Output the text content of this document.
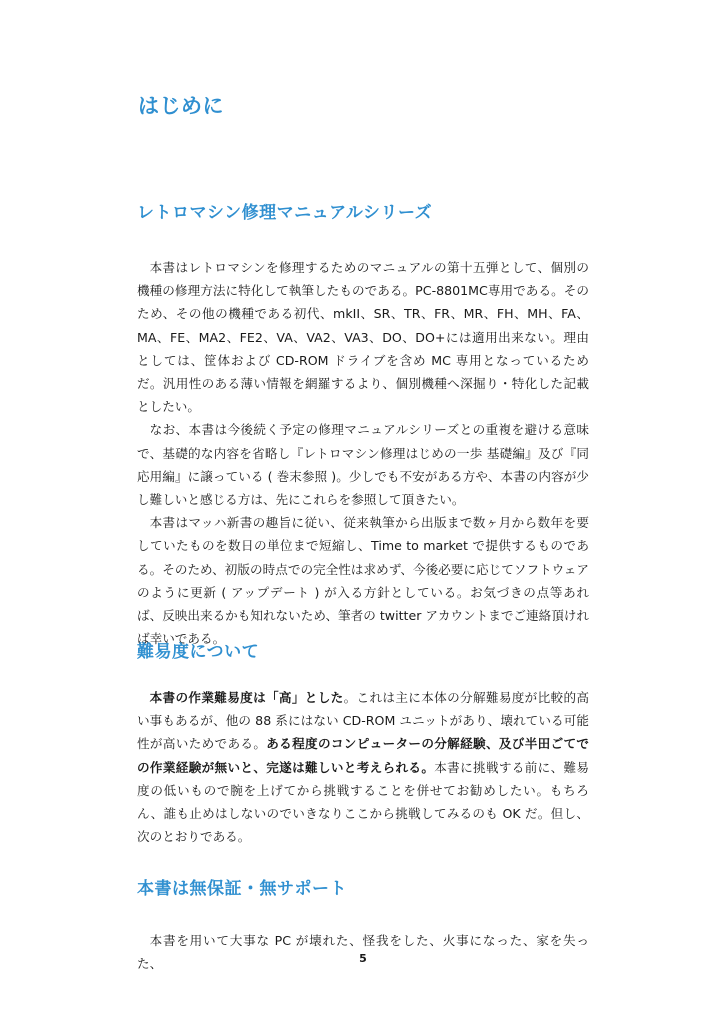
はじめに
レトロマシン修理マニュアルシリーズ

本書はレトロマシンを修理するためのマニュアルの第十五弾として、個別の機種の修理方法に特化して執筆したものである。PC-8801MC専用である。そのため、その他の機種である初代、mkII、SR、TR、FR、MR、FH、MH、FA、MA、FE、MA2、FE2、VA、VA2、VA3、DO、DO+には適用出来ない。理由としては、筐体および CD-ROM ドライブを含め MC 専用となっているためだ。汎用性のある薄い情報を網羅するより、個別機種へ深掘り・特化した記載としたい。

なお、本書は今後続く予定の修理マニュアルシリーズとの重複を避ける意味で、基礎的な内容を省略し『レトロマシン修理はじめの一歩 基礎編』及び『同 応用編』に譲っている ( 巻末参照 )。少しでも不安がある方や、本書の内容が少し難しいと感じる方は、先にこれらを参照して頂きたい。

本書はマッハ新書の趣旨に従い、従来執筆から出版まで数ヶ月から数年を要していたものを数日の単位まで短縮し、Time to market で提供するものである。そのため、初版の時点での完全性は求めず、今後必要に応じてソフトウェアのように更新 ( アップデート ) が入る方針としている。お気づきの点等あれば、反映出来るかも知れないため、筆者の twitter アカウントまでご連絡頂ければ幸いである。

難易度について

本書の作業難易度は「高」とした。これは主に本体の分解難易度が比較的高い事もあるが、他の 88 系にはない CD-ROM ユニットがあり、壊れている可能性が高いためである。ある程度のコンピューターの分解経験、及び半田ごてでの作業経験が無いと、完遂は難しいと考えられる。本書に挑戦する前に、難易度の低いもので腕を上げてから挑戦することを併せてお勧めしたい。もちろん、誰も止めはしないのでいきなりここから挑戦してみるのも OK だ。但し、次のとおりである。

本書は無保証・無サポート

本書を用いて大事な PC が壊れた、怪我をした、火事になった、家を失った、	5
